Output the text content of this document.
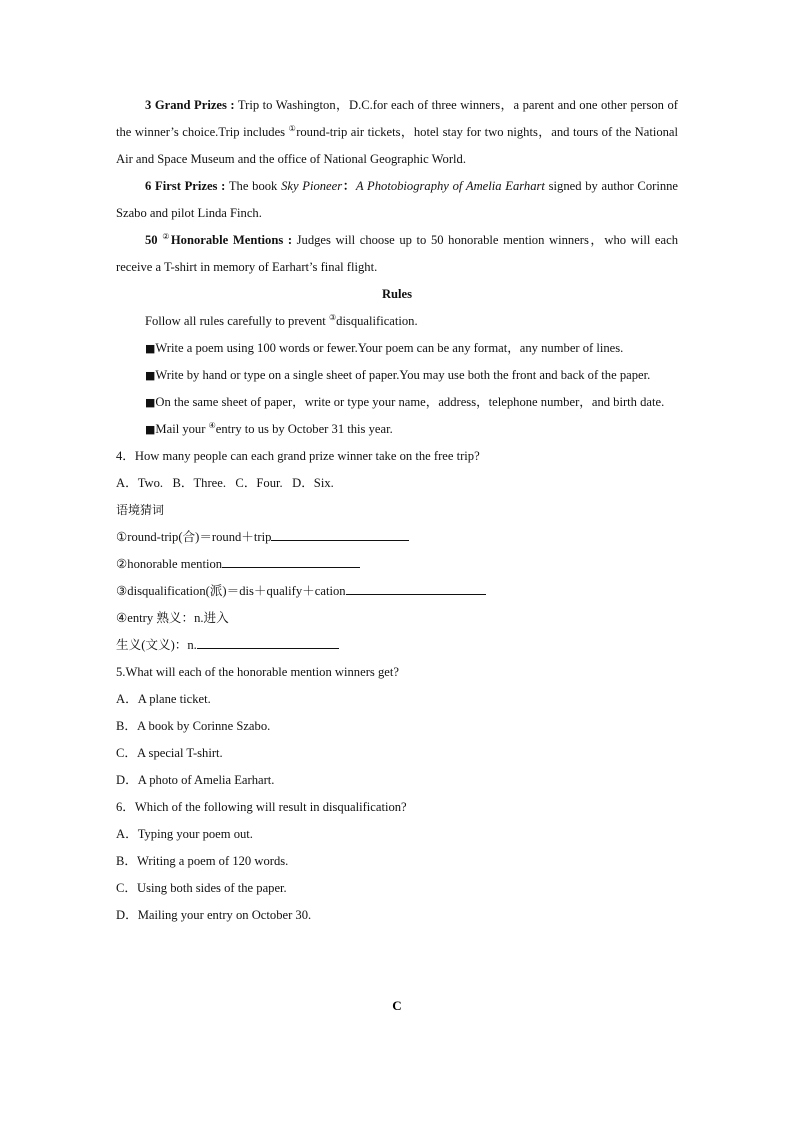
3 Grand Prizes : Trip to Washington，D.C.for each of three winners，a parent and one other person of the winner’s choice.Trip includes ①round-trip air tickets，hotel stay for two nights，and tours of the National Air and Space Museum and the office of National Geographic World.

6 First Prizes : The book Sky Pioneer：A Photobiography of Amelia Earhart signed by author Corinne Szabo and pilot Linda Finch.

50 ②Honorable Mentions : Judges will choose up to 50 honorable mention winners，who will each receive a T-shirt in memory of Earhart’s final flight.

Rules

Follow all rules carefully to prevent ③disqualification.

■Write a poem using 100 words or fewer.Your poem can be any format，any number of lines.

■Write by hand or type on a single sheet of paper.You may use both the front and back of the paper.

■On the same sheet of paper，write or type your name，address，telephone number，and birth date.

■Mail your ④entry to us by October 31 this year.

4．How many people can each grand prize winner take on the free trip?

A．Two.   B．Three.   C．Four.   D．Six.

语境猜词

①round-trip(合)＝round＋trip

②honorable mention

③disqualification(派)＝dis＋qualify＋cation

④entry 熟义：n.进入

生义(文义)：n.

5.What will each of the honorable mention winners get?

A．A plane ticket.

B．A book by Corinne Szabo.

C．A special T-shirt.

D．A photo of Amelia Earhart.

6．Which of the following will result in disqualification?

A．Typing your poem out.

B．Writing a poem of 120 words.

C．Using both sides of the paper.

D．Mailing your entry on October 30.

C
